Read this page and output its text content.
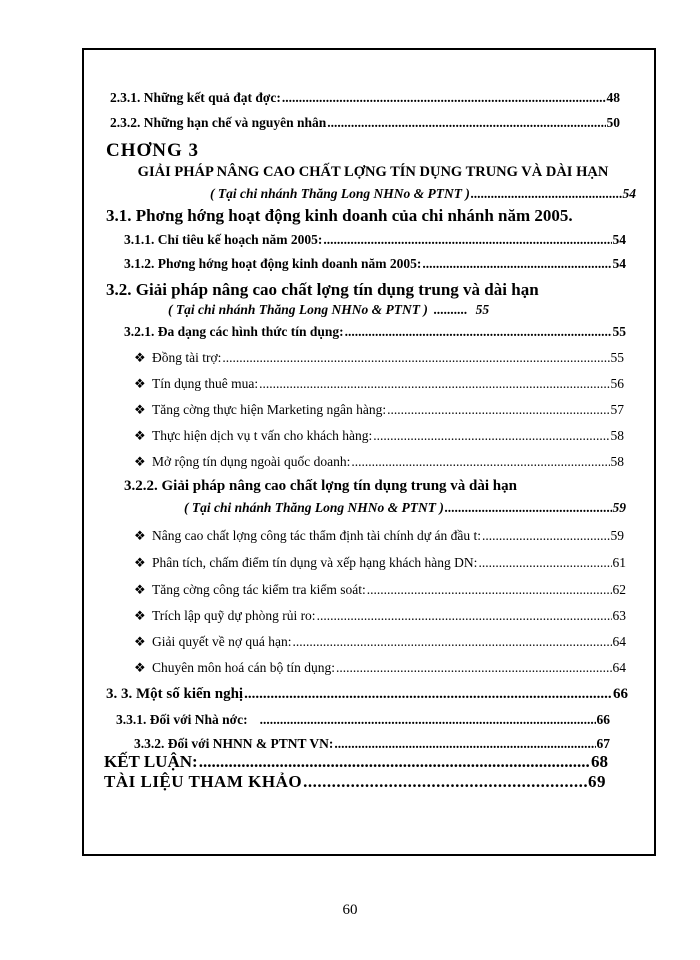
2.3.1. Những kết quả đạt đợc: .....	48
2.3.2. Những hạn chế và nguyên nhân .....	50
CHƠNG 3
GIẢI PHÁP NÂNG CAO CHẤT LỢNG TÍN DỤNG TRUNG VÀ DÀI HẠN
( Tại chi nhánh Thăng Long NHNo & PTNT ) .....	54
3.1. Phơng hớng hoạt động kinh doanh của chi nhánh năm 2005.
3.1.1. Chỉ tiêu kế hoạch năm 2005: .....	54
3.1.2. Phơng hớng hoạt động kinh doanh năm 2005: .....	54
3.2. Giải pháp nâng cao chất lợng tín dụng trung và dài hạn
( Tại chi nhánh Thăng Long NHNo & PTNT ) .......... 55
3.2.1. Đa dạng các hình thức tín dụng: .....	55
❖ Đồng tài trợ: .....	55
❖ Tín dụng thuê mua: .....	56
❖ Tăng cờng thực hiện Marketing ngân hàng: .....	57
❖ Thực hiện dịch vụ t vấn cho khách hàng: .....	58
❖ Mở rộng tín dụng ngoài quốc doanh: .....	58
3.2.2. Giải pháp nâng cao chất lợng tín dụng trung và dài hạn
( Tại chi nhánh Thăng Long NHNo & PTNT ) .....	59
❖ Nâng cao chất lợng công tác thẩm định tài chính dự án đầu t: .....	59
❖ Phân tích, chấm điểm tín dụng và xếp hạng khách hàng DN: .....	61
❖ Tăng cờng công tác kiểm tra kiểm soát: .....	62
❖ Trích lập quỹ dự phòng rủi ro: .....	63
❖ Giải quyết về nợ quá hạn: .....	64
❖ Chuyên môn hoá cán bộ tín dụng: .....	64
3. 3. Một số kiến nghị .....	66
3.3.1. Đối với Nhà nớc: .....	66
3.3.2. Đối với NHNN & PTNT VN: .....	67
KẾT LUẬN: .....	68
TÀI LIỆU THAM KHẢO .....	69
60
